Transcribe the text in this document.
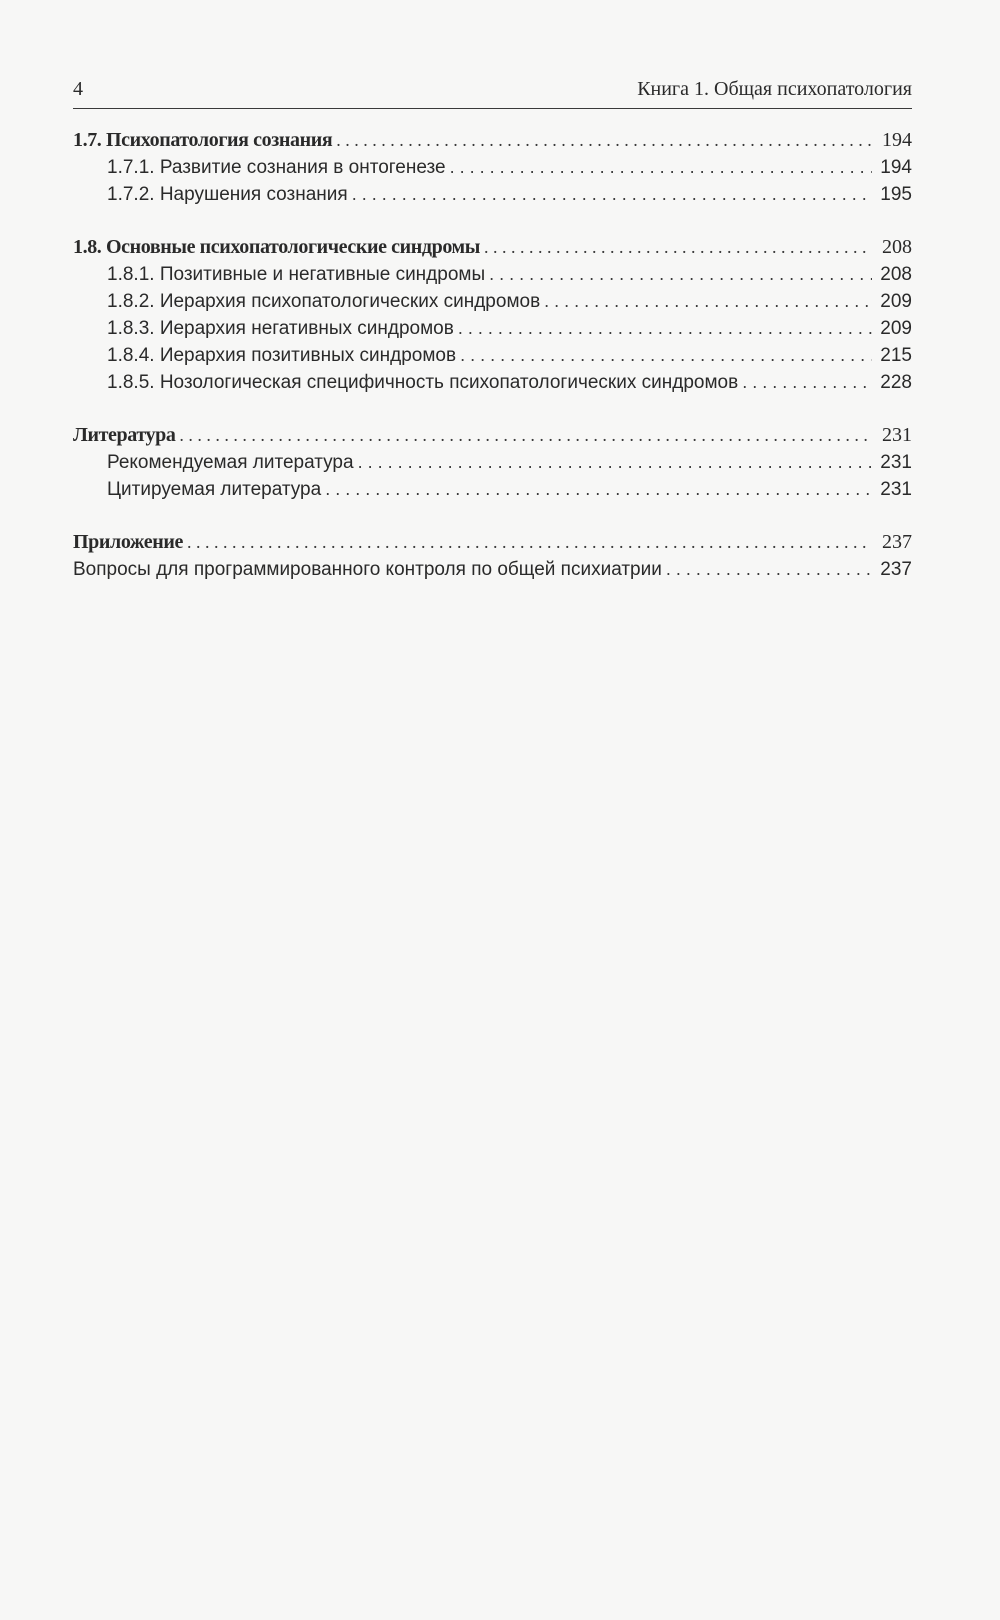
4	Книга 1. Общая психопатология
1.7. Психопатология сознания . . .	194
1.7.1. Развитие сознания в онтогенезе . . .	194
1.7.2. Нарушения сознания . . .	195
1.8. Основные психопатологические синдромы . . .	208
1.8.1. Позитивные и негативные синдромы . . .	208
1.8.2. Иерархия психопатологических синдромов . . .	209
1.8.3. Иерархия негативных синдромов . . .	209
1.8.4. Иерархия позитивных синдромов . . .	215
1.8.5. Нозологическая специфичность психопатологических синдромов . . .	228
Литература . . .	231
Рекомендуемая литература . . .	231
Цитируемая литература . . .	231
Приложение . . .	237
Вопросы для программированного контроля по общей психиатрии . . .	237
